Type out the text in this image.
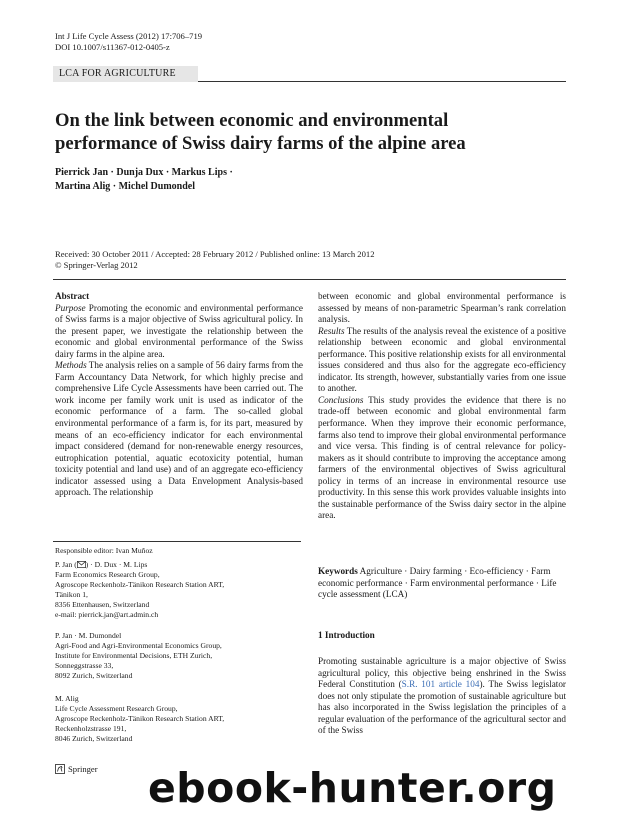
Int J Life Cycle Assess (2012) 17:706–719
DOI 10.1007/s11367-012-0405-z
LCA FOR AGRICULTURE
On the link between economic and environmental performance of Swiss dairy farms of the alpine area
Pierrick Jan · Dunja Dux · Markus Lips ·
Martina Alig · Michel Dumondel
Received: 30 October 2011 / Accepted: 28 February 2012 / Published online: 13 March 2012
© Springer-Verlag 2012
Abstract
Purpose Promoting the economic and environmental performance of Swiss farms is a major objective of Swiss agricultural policy. In the present paper, we investigate the relationship between the economic and global environmental performance of the Swiss dairy farms in the alpine area.
Methods The analysis relies on a sample of 56 dairy farms from the Farm Accountancy Data Network, for which highly precise and comprehensive Life Cycle Assessments have been carried out. The work income per family work unit is used as indicator of the economic performance of a farm. The so-called global environmental performance of a farm is, for its part, measured by means of an eco-efficiency indicator for each environmental impact considered (demand for non-renewable energy resources, eutrophication potential, aquatic ecotoxicity potential, human toxicity potential and land use) and of an aggregate eco-efficiency indicator assessed using a Data Envelopment Analysis-based approach. The relationship
between economic and global environmental performance is assessed by means of non-parametric Spearman’s rank correlation analysis.
Results The results of the analysis reveal the existence of a positive relationship between economic and global environmental performance. This positive relationship exists for all environmental issues considered and thus also for the aggregate eco-efficiency indicator. Its strength, however, substantially varies from one issue to another.
Conclusions This study provides the evidence that there is no trade-off between economic and global environmental farm performance. When they improve their economic performance, farms also tend to improve their global environmental performance and vice versa. This finding is of central relevance for policy-makers as it should contribute to improving the acceptance among farmers of the environmental objectives of Swiss agricultural policy in terms of an increase in environmental resource use productivity. In this sense this work provides valuable insights into the sustainable performance of the Swiss dairy sector in the alpine area.
Responsible editor: Ivan Muñoz
P. Jan ( ) · D. Dux · M. Lips
Farm Economics Research Group,
Agroscope Reckenholz-Tänikon Research Station ART,
Tänikon 1,
8356 Ettenhausen, Switzerland
e-mail: pierrick.jan@art.admin.ch
P. Jan · M. Dumondel
Agri-Food and Agri-Environmental Economics Group,
Institute for Environmental Decisions, ETH Zurich,
Sonneggstrasse 33,
8092 Zurich, Switzerland
M. Alig
Life Cycle Assessment Research Group,
Agroscope Reckenholz-Tänikon Research Station ART,
Reckenholzstrasse 191,
8046 Zurich, Switzerland
Keywords Agriculture · Dairy farming · Eco-efficiency · Farm economic performance · Farm environmental performance · Life cycle assessment (LCA)
1 Introduction
Promoting sustainable agriculture is a major objective of Swiss agricultural policy, this objective being enshrined in the Swiss Federal Constitution (S.R. 101 article 104). The Swiss legislator does not only stipulate the promotion of sustainable agriculture but has also incorporated in the Swiss legislation the principles of a regular evaluation of the performance of the agricultural sector and of the Swiss
Springer ebook-hunter.org
